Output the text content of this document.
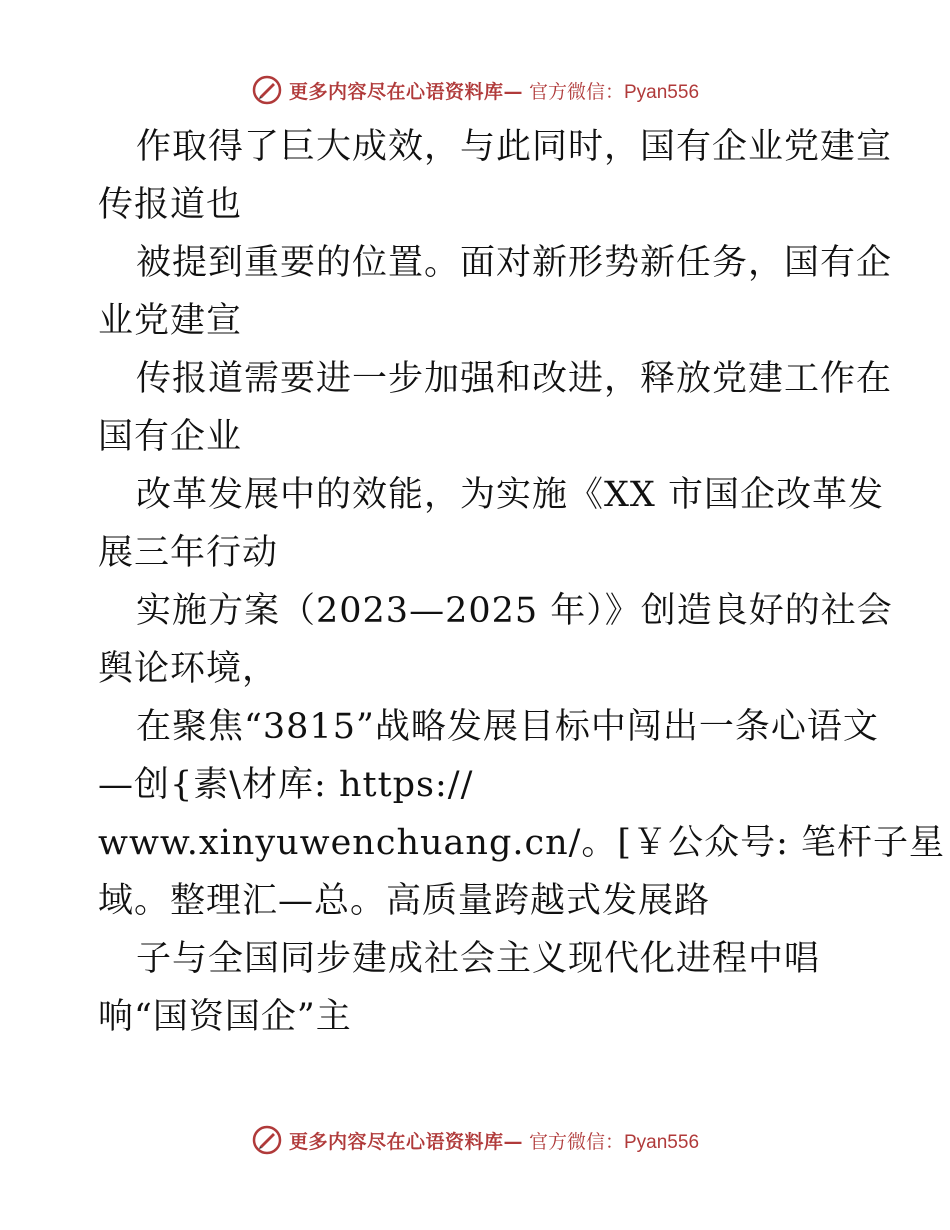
更多内容尽在心语资料库— 官方微信：Pyan556
作取得了巨大成效，与此同时，国有企业党建宣
传报道也
被提到重要的位置。面对新形势新任务，国有企
业党建宣
传报道需要进一步加强和改进，释放党建工作在
国有企业
改革发展中的效能，为实施《XX 市国企改革发
展三年行动
实施方案（2023—2025 年）》创造良好的社会
舆论环境，
在聚焦“3815”战略发展目标中闯出一条心语文
—创{素\材库: https://
www.xinyuwenchuang.cn/。[￥公众号: 笔杆子星
域。整理汇—总。高质量跨越式发展路
子与全国同步建成社会主义现代化进程中唱
响“国资国企”主
更多内容尽在心语资料库— 官方微信：Pyan556
